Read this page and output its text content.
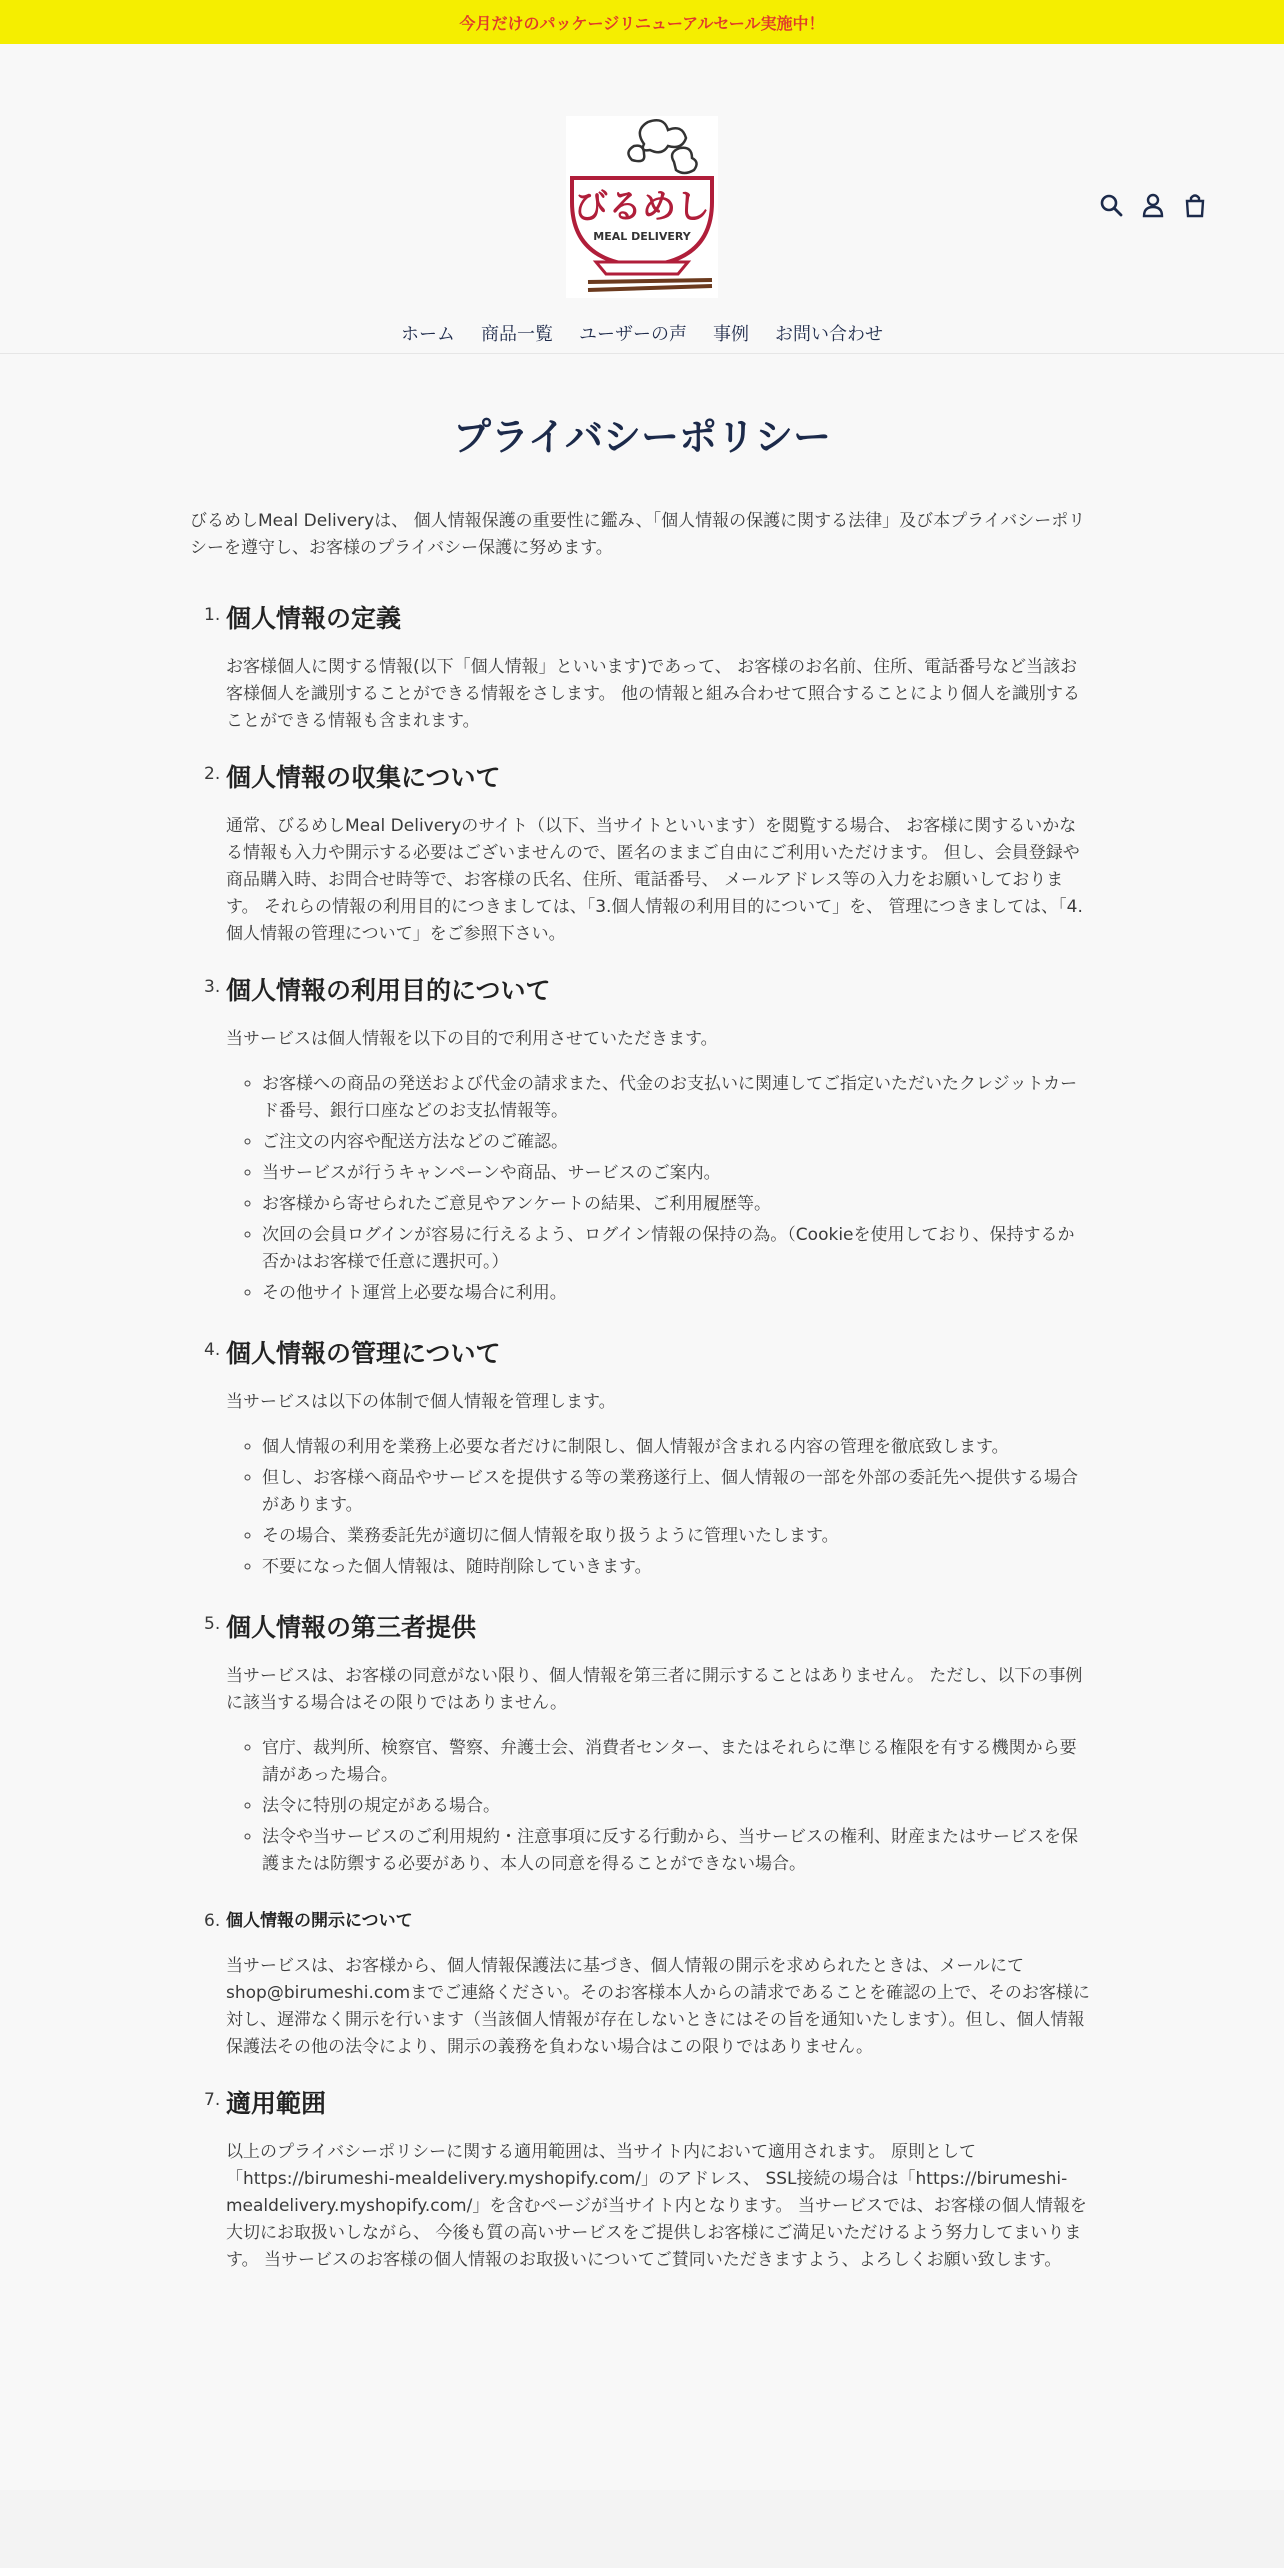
今月だけのパッケージリニューアルセール実施中！
びるめし
MEAL DELIVERY
ホーム 商品一覧 ユーザーの声 事例 お問い合わせ
プライバシーポリシー

びるめしMeal Deliveryは、 個人情報保護の重要性に鑑み、「個人情報の保護に関する法律」及び本プライバシーポリシーを遵守し、お客様のプライバシー保護に努めます。

1. 個人情報の定義

お客様個人に関する情報(以下「個人情報」といいます)であって、 お客様のお名前、住所、電話番号など当該お客様個人を識別することができる情報をさします。 他の情報と組み合わせて照合することにより個人を識別することができる情報も含まれます。

2. 個人情報の収集について

通常、びるめしMeal Deliveryのサイト（以下、当サイトといいます）を閲覧する場合、 お客様に関するいかなる情報も入力や開示する必要はございませんので、匿名のままご自由にご利用いただけます。 但し、会員登録や商品購入時、お問合せ時等で、お客様の氏名、住所、電話番号、 メールアドレス等の入力をお願いしております。 それらの情報の利用目的につきましては、「3.個人情報の利用目的について」を、 管理につきましては、「4.個人情報の管理について」をご参照下さい。

3. 個人情報の利用目的について

当サービスは個人情報を以下の目的で利用させていただきます。

◦ お客様への商品の発送および代金の請求また、代金のお支払いに関連してご指定いただいたクレジットカード番号、銀行口座などのお支払情報等。
◦ ご注文の内容や配送方法などのご確認。
◦ 当サービスが行うキャンペーンや商品、サービスのご案内。
◦ お客様から寄せられたご意見やアンケートの結果、ご利用履歴等。
◦ 次回の会員ログインが容易に行えるよう、ログイン情報の保持の為。（Cookieを使用しており、保持するか否かはお客様で任意に選択可。）
◦ その他サイト運営上必要な場合に利用。
4. 個人情報の管理について

当サービスは以下の体制で個人情報を管理します。

◦ 個人情報の利用を業務上必要な者だけに制限し、個人情報が含まれる内容の管理を徹底致します。
◦ 但し、お客様へ商品やサービスを提供する等の業務遂行上、個人情報の一部を外部の委託先へ提供する場合があります。
◦ その場合、業務委託先が適切に個人情報を取り扱うように管理いたします。
◦ 不要になった個人情報は、随時削除していきます。
5. 個人情報の第三者提供

当サービスは、お客様の同意がない限り、個人情報を第三者に開示することはありません。 ただし、以下の事例に該当する場合はその限りではありません。

◦ 官庁、裁判所、検察官、警察、弁護士会、消費者センター、またはそれらに準じる権限を有する機関から要請があった場合。
◦ 法令に特別の規定がある場合。
◦ 法令や当サービスのご利用規約・注意事項に反する行動から、当サービスの権利、財産またはサービスを保護または防禦する必要があり、本人の同意を得ることができない場合。
6. 個人情報の開示について

当サービスは、お客様から、個人情報保護法に基づき、個人情報の開示を求められたときは、メールにてshop@birumeshi.comまでご連絡ください。そのお客様本人からの請求であることを確認の上で、そのお客様に対し、遅滞なく開示を行います（当該個人情報が存在しないときにはその旨を通知いたします）。但し、個人情報保護法その他の法令により、開示の義務を負わない場合はこの限りではありません。

7. 適用範囲

以上のプライバシーポリシーに関する適用範囲は、当サイト内において適用されます。 原則として「https://birumeshi-mealdelivery.myshopify.com/」のアドレス、 SSL接続の場合は「https://birumeshi-mealdelivery.myshopify.com/」を含むページが当サイト内となります。 当サービスでは、お客様の個人情報を大切にお取扱いしながら、 今後も質の高いサービスをご提供しお客様にご満足いただけるよう努力してまいります。 当サービスのお客様の個人情報のお取扱いについてご賛同いただきますよう、よろしくお願い致します。
